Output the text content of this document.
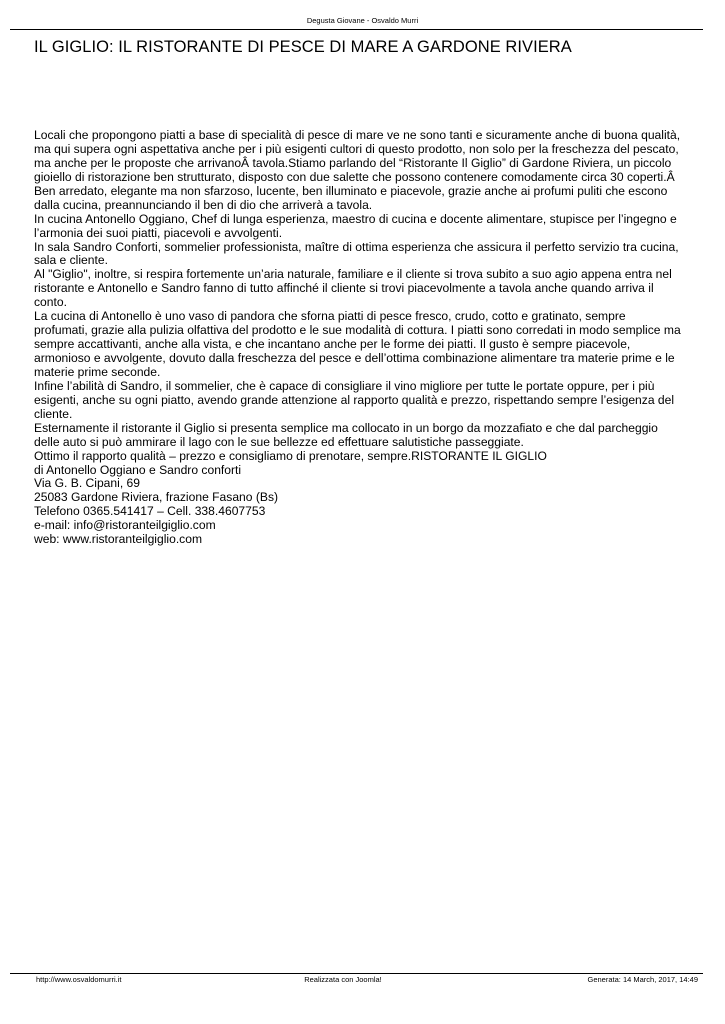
Degusta Giovane - Osvaldo Murri
IL GIGLIO: IL RISTORANTE DI PESCE DI MARE A GARDONE RIVIERA
Locali che propongono piatti a base di specialità di pesce di mare ve ne sono tanti e sicuramente anche di buona qualità,
ma qui supera ogni aspettativa anche per i più esigenti cultori di questo prodotto, non solo per la freschezza del pescato,
ma anche per le proposte che arrivanoÂ tavola.Stiamo parlando del “Ristorante Il Giglio” di Gardone Riviera, un piccolo
gioiello di ristorazione ben strutturato, disposto con due salette che possono contenere comodamente circa 30 coperti.Â
Ben arredato, elegante ma non sfarzoso, lucente, ben illuminato e piacevole, grazie anche ai profumi puliti che escono
dalla cucina, preannunciando il ben di dio che arriverà a tavola.
In cucina Antonello Oggiano, Chef di lunga esperienza, maestro di cucina e docente alimentare, stupisce per l’ingegno e
l’armonia dei suoi piatti, piacevoli e avvolgenti.
In sala Sandro Conforti, sommelier professionista, maître di ottima esperienza che assicura il perfetto servizio tra cucina,
sala e cliente.
Al "Giglio", inoltre, si respira fortemente un’aria naturale, familiare e il cliente si trova subito a suo agio appena entra nel
ristorante e Antonello e Sandro fanno di tutto affinché il cliente si trovi piacevolmente a tavola anche quando arriva il
conto.
La cucina di Antonello è uno vaso di pandora che sforna piatti di pesce fresco, crudo, cotto e gratinato, sempre
profumati, grazie alla pulizia olfattiva del prodotto e le sue modalità di cottura. I piatti sono corredati in modo semplice ma
sempre accattivanti, anche alla vista, e che incantano anche per le forme dei piatti. Il gusto è sempre piacevole,
armonioso e avvolgente, dovuto dalla freschezza del pesce e dell’ottima combinazione alimentare tra materie prime e le
materie prime seconde.
Infine l’abilità di Sandro, il sommelier, che è capace di consigliare il vino migliore per tutte le portate oppure, per i più
esigenti, anche su ogni piatto, avendo grande attenzione al rapporto qualità e prezzo, rispettando sempre l’esigenza del
cliente.
Esternamente il ristorante il Giglio si presenta semplice ma collocato in un borgo da mozzafiato e che dal parcheggio
delle auto si può ammirare il lago con le sue bellezze ed effettuare salutistiche passeggiate.
Ottimo il rapporto qualità – prezzo e consigliamo di prenotare, sempre.RISTORANTE IL GIGLIO
di Antonello Oggiano e Sandro conforti
Via G. B. Cipani, 69
25083 Gardone Riviera, frazione Fasano (Bs)
Telefono 0365.541417 – Cell. 338.4607753
e-mail: info@ristoranteilgiglio.com
web: www.ristoranteilgiglio.com
http://www.osvaldomurri.it	Realizzata con Joomla!	Generata: 14 March, 2017, 14:49
